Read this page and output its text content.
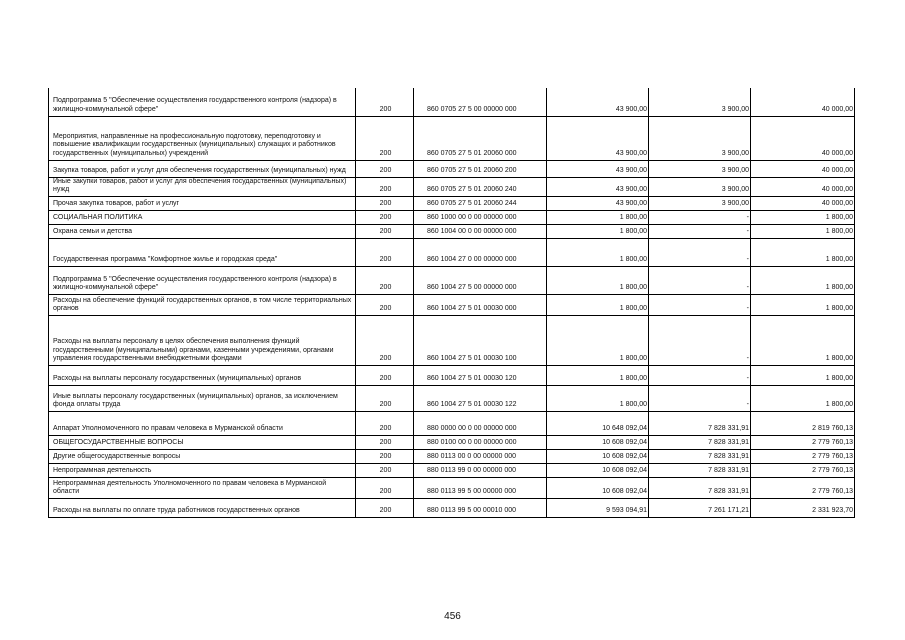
Подпрограмма 5 "Обеспечение осуществления государственного контроля (надзора) в жилищно-коммунальной сфере"	200	860 0705 27 5 00 00000 000	43 900,00	3 900,00	40 000,00
Мероприятия, направленные на профессиональную подготовку, переподготовку и повышение квалификации государственных (муниципальных) служащих и работников государственных (муниципальных) учреждений	200	860 0705 27 5 01 20060 000	43 900,00	3 900,00	40 000,00
Закупка товаров, работ и услуг для обеспечения государственных (муниципальных) нужд	200	860 0705 27 5 01 20060 200	43 900,00	3 900,00	40 000,00
Иные закупки товаров, работ и услуг для обеспечения государственных (муниципальных) нужд	200	860 0705 27 5 01 20060 240	43 900,00	3 900,00	40 000,00
Прочая закупка товаров, работ и услуг	200	860 0705 27 5 01 20060 244	43 900,00	3 900,00	40 000,00
СОЦИАЛЬНАЯ ПОЛИТИКА	200	860 1000 00 0 00 00000 000	1 800,00	-	1 800,00
Охрана семьи и детства	200	860 1004 00 0 00 00000 000	1 800,00	-	1 800,00
Государственная программа "Комфортное жилье и городская среда"	200	860 1004 27 0 00 00000 000	1 800,00	-	1 800,00
Подпрограмма 5 "Обеспечение осуществления государственного контроля (надзора) в жилищно-коммунальной сфере"	200	860 1004 27 5 00 00000 000	1 800,00	-	1 800,00
Расходы на обеспечение функций государственных органов, в том числе территориальных органов	200	860 1004 27 5 01 00030 000	1 800,00	-	1 800,00
Расходы на выплаты персоналу в целях обеспечения выполнения функций государственными (муниципальными) органами, казенными учреждениями, органами управления государственными внебюджетными фондами	200	860 1004 27 5 01 00030 100	1 800,00	-	1 800,00
Расходы на выплаты персоналу государственных (муниципальных) органов	200	860 1004 27 5 01 00030 120	1 800,00	-	1 800,00
Иные выплаты персоналу государственных (муниципальных) органов, за исключением фонда оплаты труда	200	860 1004 27 5 01 00030 122	1 800,00	-	1 800,00
Аппарат Уполномоченного по правам человека в Мурманской области	200	880 0000 00 0 00 00000 000	10 648 092,04	7 828 331,91	2 819 760,13
ОБЩЕГОСУДАРСТВЕННЫЕ ВОПРОСЫ	200	880 0100 00 0 00 00000 000	10 608 092,04	7 828 331,91	2 779 760,13
Другие общегосударственные вопросы	200	880 0113 00 0 00 00000 000	10 608 092,04	7 828 331,91	2 779 760,13
Непрограммная деятельность	200	880 0113 99 0 00 00000 000	10 608 092,04	7 828 331,91	2 779 760,13
Непрограммная деятельность Уполномоченного по правам человека в Мурманской области	200	880 0113 99 5 00 00000 000	10 608 092,04	7 828 331,91	2 779 760,13
Расходы на выплаты по оплате труда работников государственных органов	200	880 0113 99 5 00 00010 000	9 593 094,91	7 261 171,21	2 331 923,70
456
